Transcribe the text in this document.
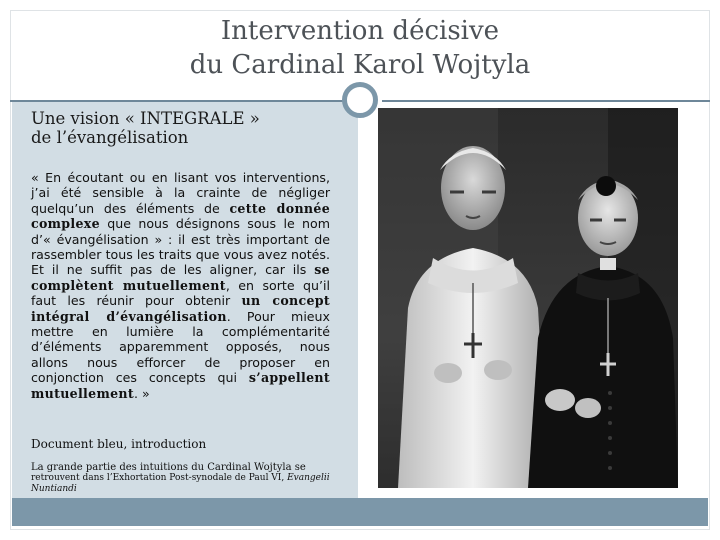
Intervention décisive
du Cardinal Karol Wojtyla
Une vision « INTEGRALE »
de l’évangélisation
« En écoutant ou en lisant vos interventions, j’ai été sensible à la crainte de négliger quelqu’un des éléments de cette donnée complexe que nous désignons sous le nom d’« évangélisation » : il est très important de rassembler tous les traits que vous avez notés. Et il ne suffit pas de les aligner, car ils se complètent mutuellement, en sorte qu’il faut les réunir pour obtenir un concept intégral d’évangélisation. Pour mieux mettre en lumière la complémentarité d’éléments apparemment opposés, nous allons nous efforcer de proposer en conjonction ces concepts qui s’appellent mutuellement. »
Document bleu, introduction
La grande partie des intuitions du Cardinal Wojtyla se
retrouvent dans l’Exhortation Post-synodale de Paul VI, Evangelii Nuntiandi
